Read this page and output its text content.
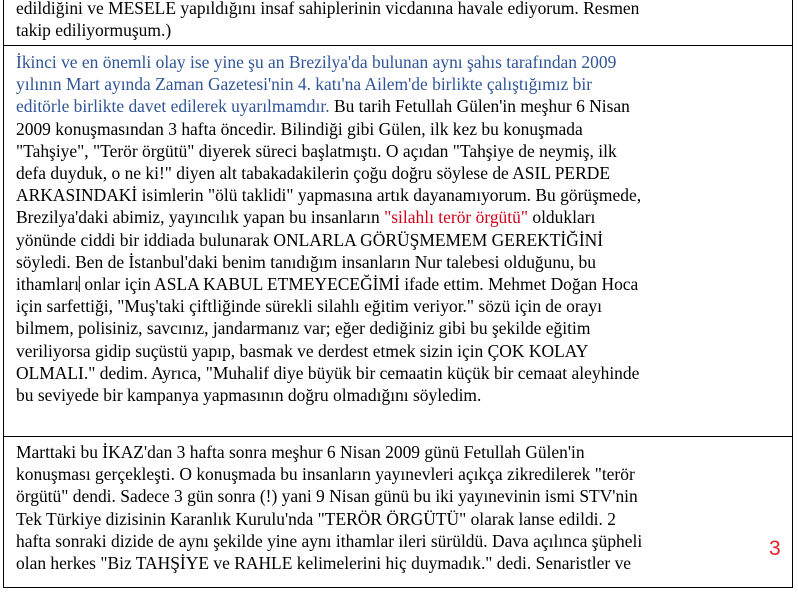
edildiğini ve MESELE yapıldığını insaf sahiplerinin vicdanına havale ediyorum. Resmen
takip ediliyormuşum.)
İkinci ve en önemli olay ise yine şu an Brezilya'da bulunan aynı şahıs tarafından 2009
yılının Mart ayında Zaman Gazetesi'nin 4. katı'na Ailem'de birlikte çalıştığımız bir
editörle birlikte davet edilerek uyarılmamdır. Bu tarih Fetullah Gülen'in meşhur 6 Nisan
2009 konuşmasından 3 hafta öncedir. Bilindiği gibi Gülen, ilk kez bu konuşmada
"Tahşiye", "Terör örgütü" diyerek süreci başlatmıştı. O açıdan "Tahşiye de neymiş, ilk
defa duyduk, o ne ki!" diyen alt tabakadakilerin çoğu doğru söylese de ASIL PERDE
ARKASINDAKİ isimlerin "ölü taklidi" yapmasına artık dayanamıyorum. Bu görüşmede,
Brezilya'daki abimiz, yayıncılık yapan bu insanların "silahlı terör örgütü" oldukları
yönünde ciddi bir iddiada bulunarak ONLARLA GÖRÜŞMEMEM GEREKTİĞİNİ
söyledi. Ben de İstanbul'daki benim tanıdığım insanların Nur talebesi olduğunu, bu
ithamları onlar için ASLA KABUL ETMEYECEĞİMİ ifade ettim. Mehmet Doğan Hoca
için sarfettiği, "Muş'taki çiftliğinde sürekli silahlı eğitim veriyor." sözü için de orayı
bilmem, polisiniz, savcınız, jandarmanız var; eğer dediğiniz gibi bu şekilde eğitim
veriliyorsa gidip suçüstü yapıp, basmak ve derdest etmek sizin için ÇOK KOLAY
OLMALI." dedim. Ayrıca, "Muhalif diye büyük bir cemaatin küçük bir cemaat aleyhinde
bu seviyede bir kampanya yapmasının doğru olmadığını söyledim.
Marttaki bu İKAZ'dan 3 hafta sonra meşhur 6 Nisan 2009 günü Fetullah Gülen'in
konuşması gerçekleşti. O konuşmada bu insanların yayınevleri açıkça zikredilerek "terör
örgütü" dendi. Sadece 3 gün sonra (!) yani 9 Nisan günü bu iki yayınevinin ismi STV'nin
Tek Türkiye dizisinin Karanlık Kurulu'nda "TERÖR ÖRGÜTÜ" olarak lanse edildi. 2
hafta sonraki dizide de aynı şekilde yine aynı ithamlar ileri sürüldü. Dava açılınca şüpheli
olan herkes "Biz TAHŞİYE ve RAHLE kelimelerini hiç duymadık." dedi. Senaristler ve
3
